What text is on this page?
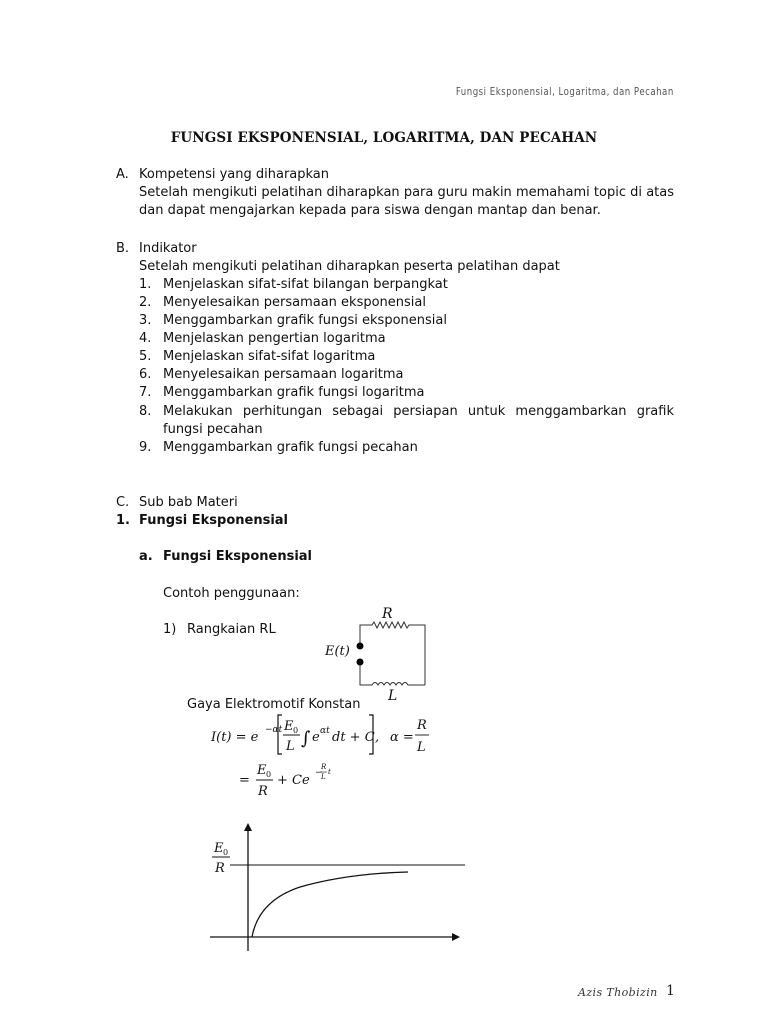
Fungsi Eksponensial, Logaritma, dan Pecahan
FUNGSI EKSPONENSIAL, LOGARITMA, DAN PECAHAN
A. Kompetensi yang diharapkan
Setelah mengikuti pelatihan diharapkan para guru makin memahami topic di atas dan dapat mengajarkan kepada para siswa dengan mantap dan benar.
B. Indikator
Setelah mengikuti pelatihan diharapkan peserta pelatihan dapat
1. Menjelaskan sifat-sifat bilangan berpangkat
2. Menyelesaikan persamaan eksponensial
3. Menggambarkan grafik fungsi eksponensial
4. Menjelaskan pengertian logaritma
5. Menjelaskan sifat-sifat logaritma
6. Menyelesaikan persamaan logaritma
7. Menggambarkan grafik fungsi logaritma
8. Melakukan perhitungan sebagai persiapan untuk menggambarkan grafik
fungsi pecahan
9. Menggambarkan grafik fungsi pecahan
C. Sub bab Materi
1. Fungsi Eksponensial
a. Fungsi Eksponensial
Contoh penggunaan:
1) Rangkaian RL
Gaya Elektromotif Konstan
R
E(t)
L
I(t) = e −αt E 0
L ∫ e αt dt + C , α =
R
L
=
E 0
R
+ Ce −
R
L
t
E 0
R
Azis Thobizin 1
